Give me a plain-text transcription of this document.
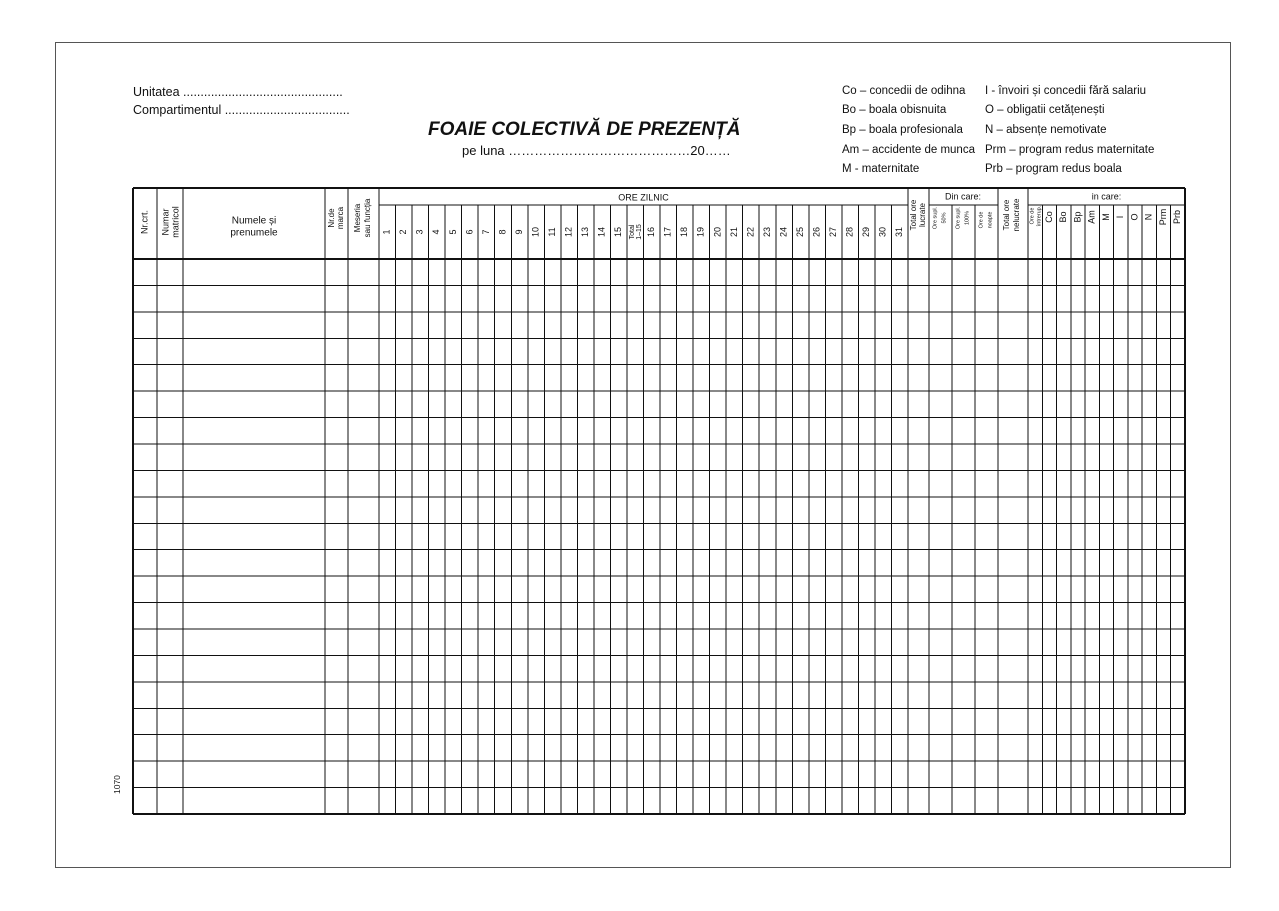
Unitatea ..............................................
Compartimentul ....................................
FOAIE COLECTIVĂ DE PREZENȚĂ
pe luna ……………………………………20……
Co – concedii de odihna
Bo – boala obisnuita
Bp – boala profesionala
Am – accidente de munca
M - maternitate
I - învoiri și concedii fără salariu
O – obligatii cetățenești
N – absențe nemotivate
Prm – program redus maternitate
Prb – program redus boala
Nr.crt. Numar matricol	Numele și
prenumele
Nr.de marca Meseria sau funcția
ORE ZILNIC
1 2 3 4 5 6 7 8 9 10 11 12 13 14 15 Total 1–15 16 17 18 19 20 21 22 23 24 25 26 27 28 29 30 31
Total ore lucrate
Din care:
Ore supl. 50% Ore supl. 100% Ore de noapte Total ore nelucrate
in care:
Ore de întrerup. Co Bo Bp Am M I O N Prm Prb
1070
